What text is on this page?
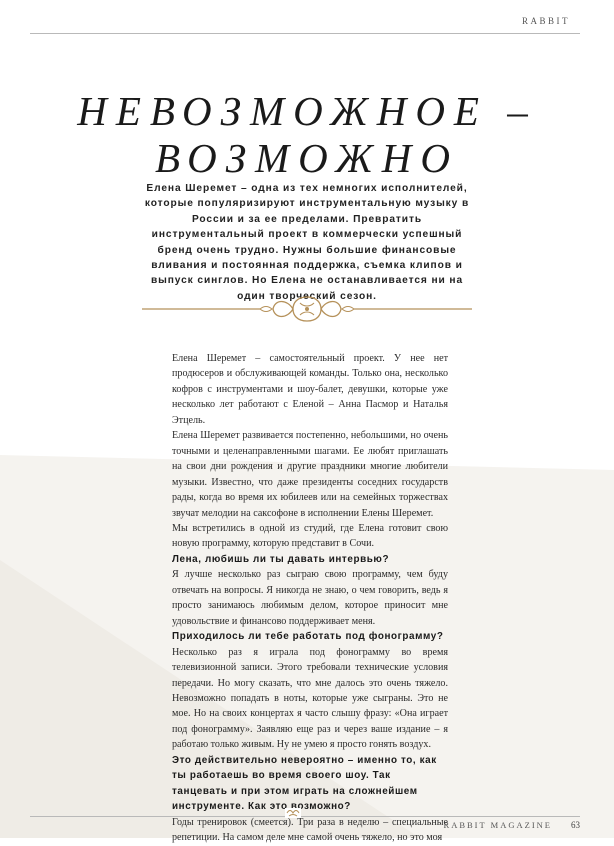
RABBIT
НЕВОЗМОЖНОЕ –
ВОЗМОЖНО

Елена Шеремет – одна из тех немногих исполнителей, которые популяризируют инструментальную музыку в России и за ее пределами. Превратить инструментальный проект в коммерчески успешный бренд очень трудно. Нужны большие финансовые вливания и постоянная поддержка, съемка клипов и выпуск синглов. Но Елена не останавливается ни на один творческий сезон.

Елена Шеремет – самостоятельный проект. У нее нет продюсеров и обслуживающей команды. Только она, несколько кофров с инструментами и шоу-балет, девушки, которые уже несколько лет работают с Еленой – Анна Пасмор и Наталья Этцель.

Елена Шеремет развивается постепенно, небольшими, но очень точными и целенаправленными шагами. Ее любят приглашать на свои дни рождения и другие праздники многие любители музыки. Известно, что даже президенты соседних государств рады, когда во время их юбилеев или на семейных торжествах звучат мелодии на саксофоне в исполнении Елены Шеремет.

Мы встретились в одной из студий, где Елена готовит свою новую программу, которую представит в Сочи.

Лена, любишь ли ты давать интервью?

Я лучше несколько раз сыграю свою программу, чем буду отвечать на вопросы. Я никогда не знаю, о чем говорить, ведь я просто занимаюсь любимым делом, которое приносит мне удовольствие и финансово поддерживает меня.

Приходилось ли тебе работать под фонограмму?

Несколько раз я играла под фонограмму во время телевизионной записи. Этого требовали технические условия передачи. Но могу сказать, что мне далось это очень тяжело. Невозможно попадать в ноты, которые уже сыграны. Это не мое. Но на своих концертах я часто слышу фразу: «Она играет под фонограмму». Заявляю еще раз и через ваше издание – я работаю только живым. Ну не умею я просто гонять воздух.

Это действительно невероятно – именно то, как ты работаешь во время своего шоу. Так танцевать и при этом играть на сложнейшем инструменте. Как это возможно?

Годы тренировок (смеется). Три раза в неделю – специальные репетиции. На самом деле мне самой очень тяжело, но это моя

RABBIT MAGAZINE 63
